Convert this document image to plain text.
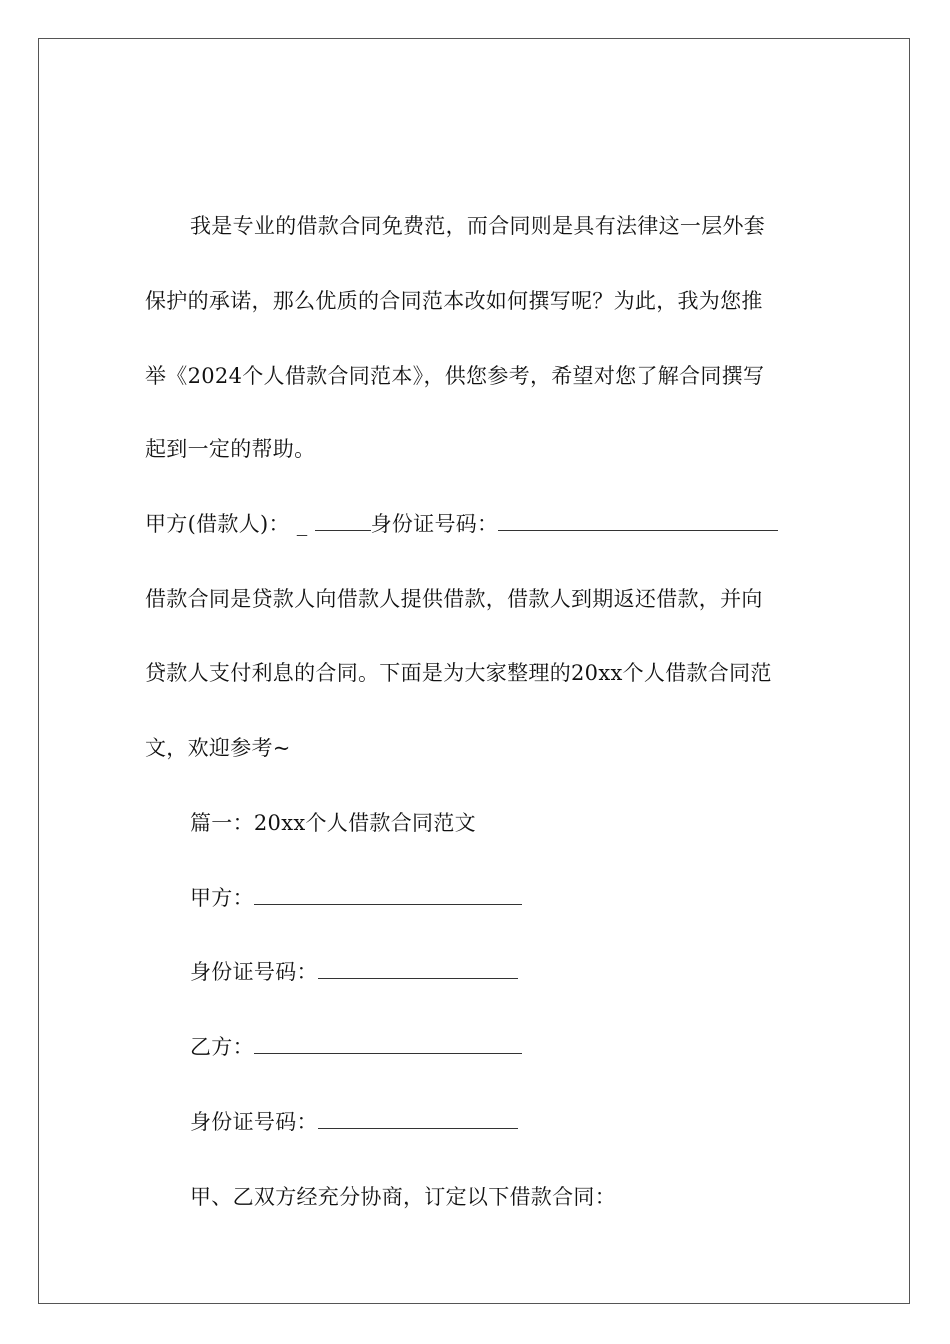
我是专业的借款合同免费范，而合同则是具有法律这一层外套
保护的承诺，那么优质的合同范本改如何撰写呢？为此，我为您推
举《2024个人借款合同范本》，供您参考，希望对您了解合同撰写
起到一定的帮助。
甲方(借款人)： _	身份证号码：
借款合同是贷款人向借款人提供借款，借款人到期返还借款，并向
贷款人支付利息的合同。下面是为大家整理的20xx个人借款合同范
文，欢迎参考~
篇一：20xx个人借款合同范文
甲方：
身份证号码：
乙方：
身份证号码：
甲、乙双方经充分协商，订定以下借款合同：
